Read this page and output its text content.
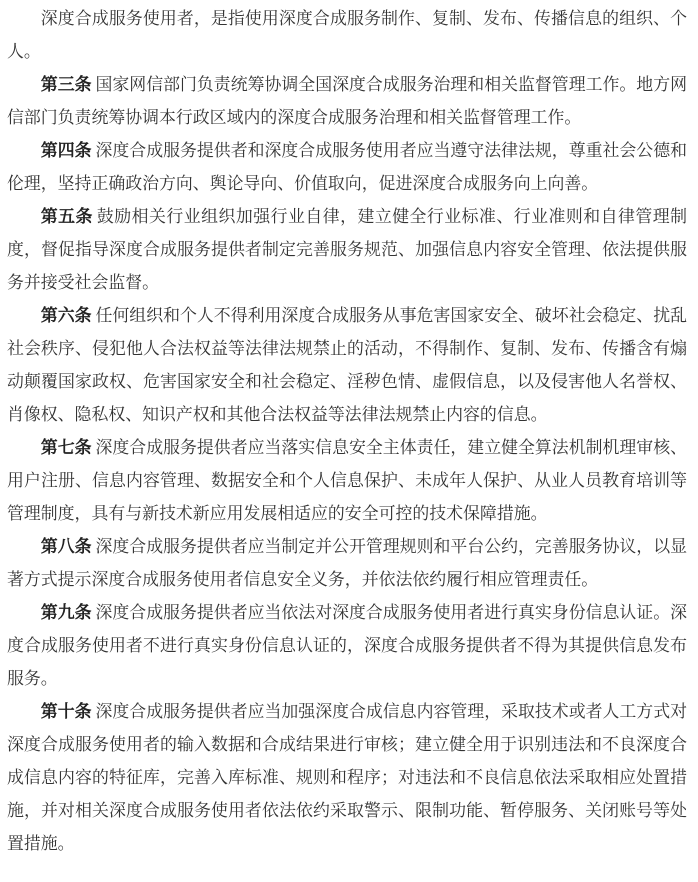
深度合成服务使用者，是指使用深度合成服务制作、复制、发布、传播信息的组织、个人。

第三条 国家网信部门负责统筹协调全国深度合成服务治理和相关监督管理工作。地方网信部门负责统筹协调本行政区域内的深度合成服务治理和相关监督管理工作。

第四条 深度合成服务提供者和深度合成服务使用者应当遵守法律法规，尊重社会公德和伦理，坚持正确政治方向、舆论导向、价值取向，促进深度合成服务向上向善。

第五条 鼓励相关行业组织加强行业自律，建立健全行业标准、行业准则和自律管理制度，督促指导深度合成服务提供者制定完善服务规范、加强信息内容安全管理、依法提供服务并接受社会监督。

第六条 任何组织和个人不得利用深度合成服务从事危害国家安全、破坏社会稳定、扰乱社会秩序、侵犯他人合法权益等法律法规禁止的活动，不得制作、复制、发布、传播含有煽动颠覆国家政权、危害国家安全和社会稳定、淫秽色情、虚假信息，以及侵害他人名誉权、肖像权、隐私权、知识产权和其他合法权益等法律法规禁止内容的信息。

第七条 深度合成服务提供者应当落实信息安全主体责任，建立健全算法机制机理审核、用户注册、信息内容管理、数据安全和个人信息保护、未成年人保护、从业人员教育培训等管理制度，具有与新技术新应用发展相适应的安全可控的技术保障措施。

第八条 深度合成服务提供者应当制定并公开管理规则和平台公约，完善服务协议，以显著方式提示深度合成服务使用者信息安全义务，并依法依约履行相应管理责任。

第九条 深度合成服务提供者应当依法对深度合成服务使用者进行真实身份信息认证。深度合成服务使用者不进行真实身份信息认证的，深度合成服务提供者不得为其提供信息发布服务。

第十条 深度合成服务提供者应当加强深度合成信息内容管理，采取技术或者人工方式对深度合成服务使用者的输入数据和合成结果进行审核；建立健全用于识别违法和不良深度合成信息内容的特征库，完善入库标准、规则和程序；对违法和不良信息依法采取相应处置措施，并对相关深度合成服务使用者依法依约采取警示、限制功能、暂停服务、关闭账号等处置措施。
